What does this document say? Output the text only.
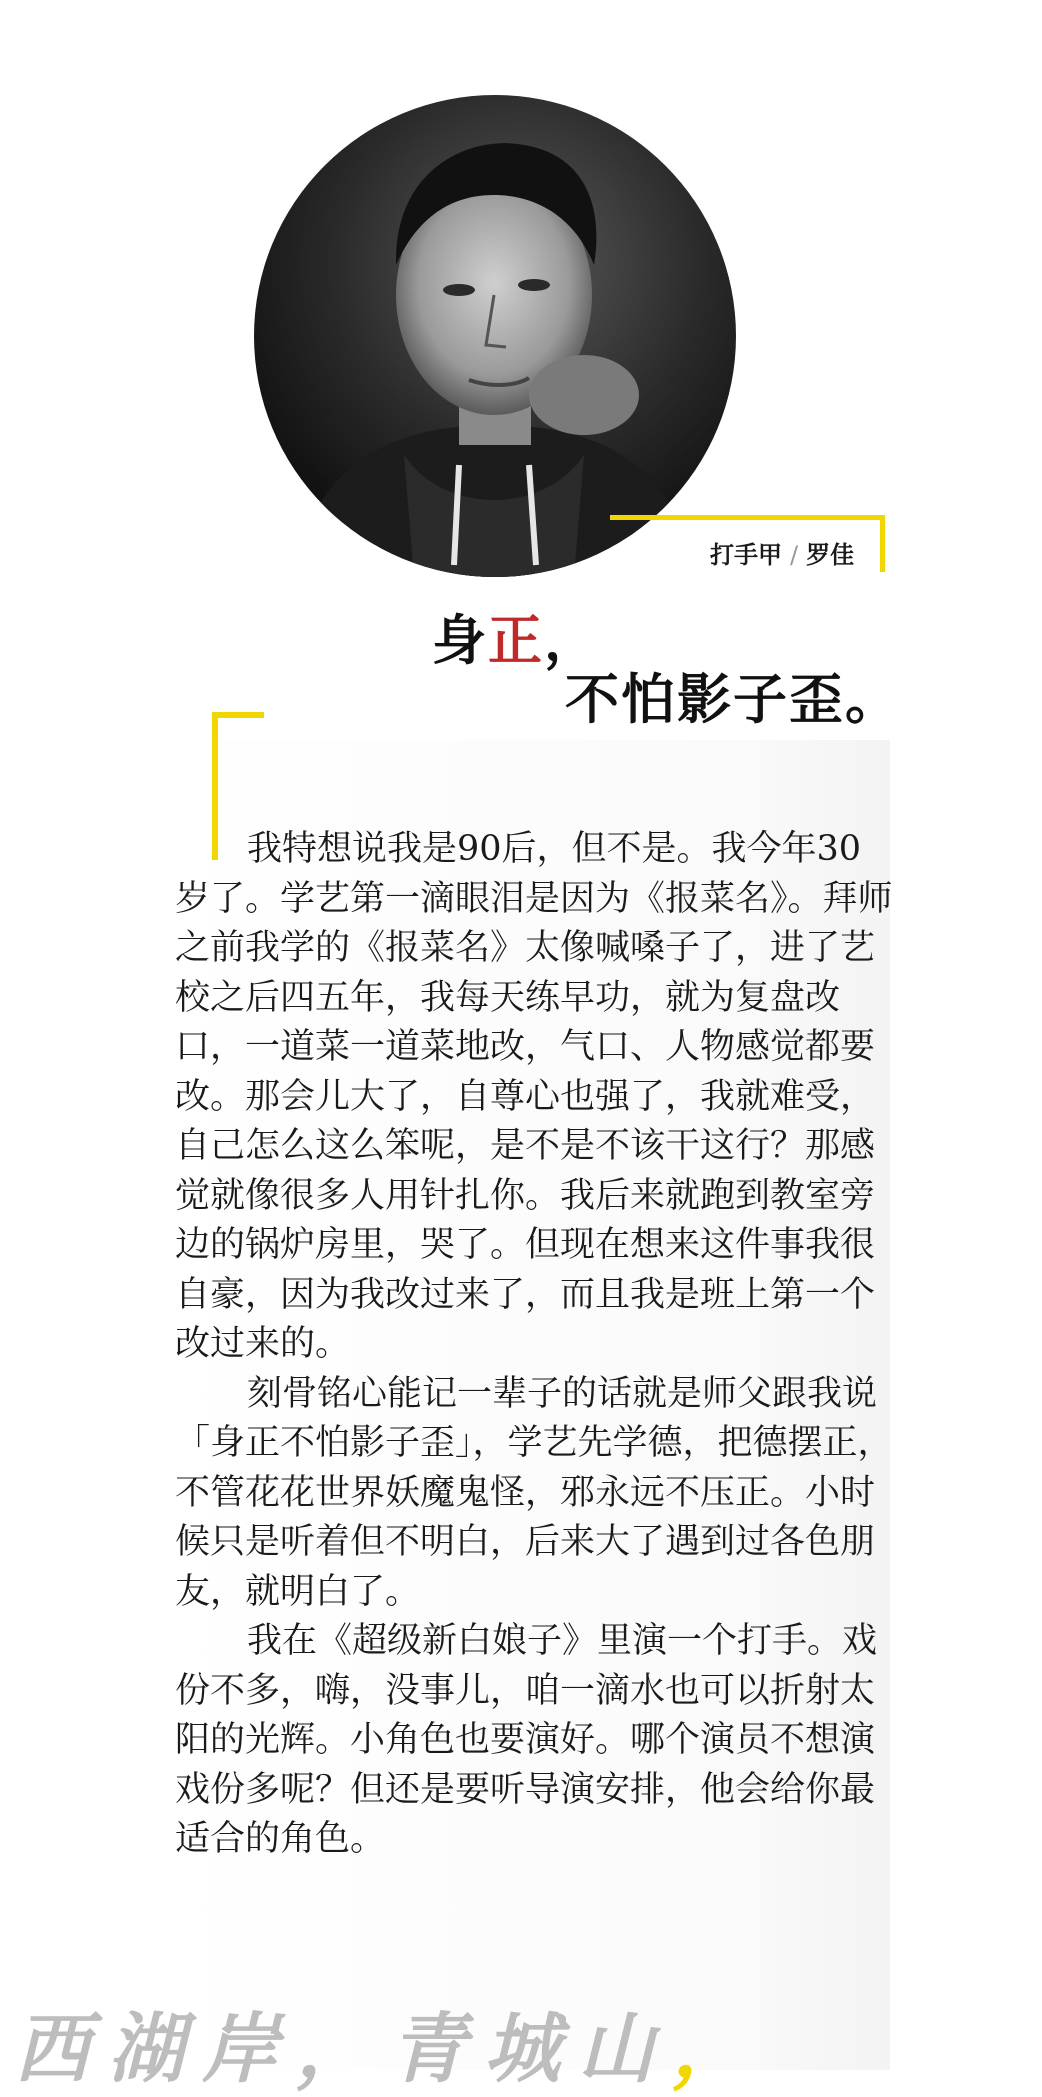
打手甲 / 罗佳
身正，
不怕影子歪。

我特想说我是90后，但不是。我今年30岁了。学艺第一滴眼泪是因为《报菜名》。拜师之前我学的《报菜名》太像喊嗓子了，进了艺校之后四五年，我每天练早功，就为复盘改口，一道菜一道菜地改，气口、人物感觉都要改。那会儿大了，自尊心也强了，我就难受，自己怎么这么笨呢，是不是不该干这行？那感觉就像很多人用针扎你。我后来就跑到教室旁边的锅炉房里，哭了。但现在想来这件事我很自豪，因为我改过来了，而且我是班上第一个改过来的。

刻骨铭心能记一辈子的话就是师父跟我说「身正不怕影子歪」，学艺先学德，把德摆正，不管花花世界妖魔鬼怪，邪永远不压正。小时候只是听着但不明白，后来大了遇到过各色朋友，就明白了。

我在《超级新白娘子》里演一个打手。戏份不多，嗨，没事儿，咱一滴水也可以折射太阳的光辉。小角色也要演好。哪个演员不想演戏份多呢？但还是要听导演安排，他会给你最适合的角色。

西湖岸，青城山，
